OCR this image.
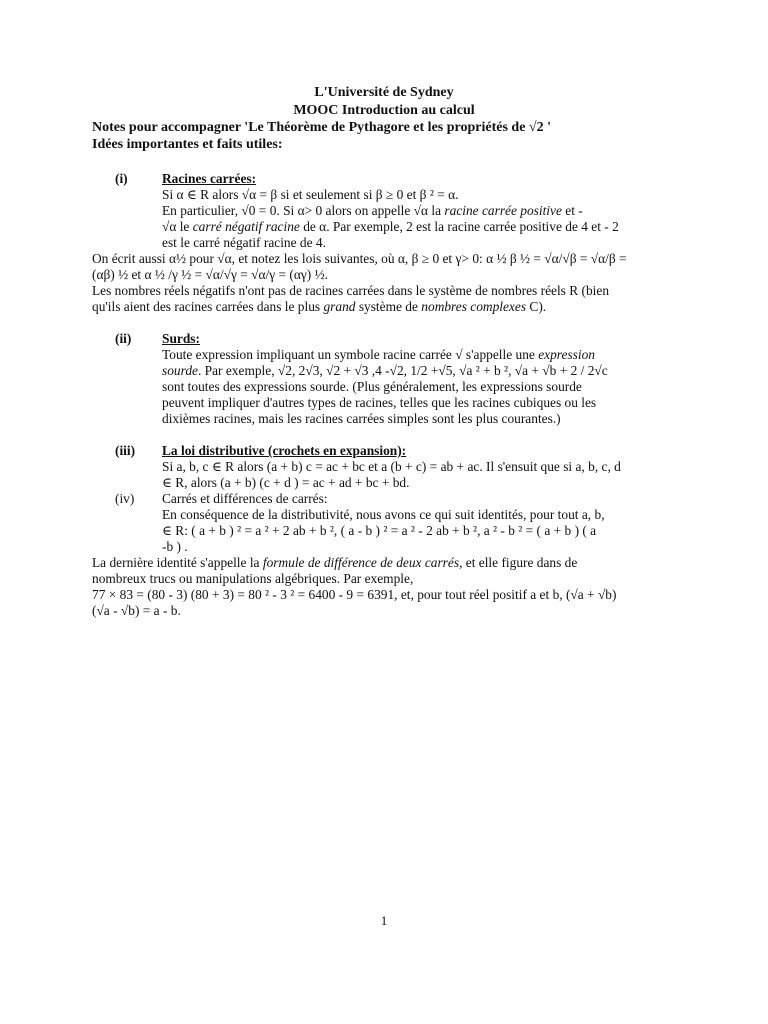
L'Université de Sydney
MOOC Introduction au calcul
Notes pour accompagner 'Le Théorème de Pythagore et les propriétés de √2 '
Idées importantes et faits utiles:
(i)	Racines carrées:
Si α ∈ R alors √α = β si et seulement si β ≥ 0 et β ² = α.
En particulier, √0 = 0. Si α> 0 alors on appelle √α la racine carrée positive et -
√α le carré négatif racine de α. Par exemple, 2 est la racine carrée positive de 4 et - 2
est le carré négatif racine de 4.
On écrit aussi α½ pour √α, et notez les lois suivantes, où α, β ≥ 0 et γ> 0: α ½ β ½ = √α/√β = √α/β =
(αβ) ½ et α ½ /γ ½ = √α/√γ = √α/γ = (αγ) ½.
Les nombres réels négatifs n'ont pas de racines carrées dans le système de nombres réels R (bien
qu'ils aient des racines carrées dans le plus grand système de nombres complexes C).
(ii) Surds:
Toute expression impliquant un symbole racine carrée √ s'appelle une expression
sourde. Par exemple, √2, 2√3, √2 + √3 ,4 -√2, 1/2 +√5, √a ² + b ², √a + √b + 2 / 2√c
sont toutes des expressions sourde. (Plus généralement, les expressions sourde
peuvent impliquer d'autres types de racines, telles que les racines cubiques ou les
dixièmes racines, mais les racines carrées simples sont les plus courantes.)
(iii) La loi distributive (crochets en expansion):
Si a, b, c ∈ R alors (a + b) c = ac + bc et a (b + c) = ab + ac. Il s'ensuit que si a, b, c, d
∈ R, alors (a + b) (c + d ) = ac + ad + bc + bd.
(iv) Carrés et différences de carrés:
En conséquence de la distributivité, nous avons ce qui suit identités, pour tout a, b,
∈ R: ( a + b ) ² = a ² + 2 ab + b ², ( a - b ) ² = a ² - 2 ab + b ², a ² - b ² = ( a + b ) ( a
-b ) .
La dernière identité s'appelle la formule de différence de deux carrés, et elle figure dans de
nombreux trucs ou manipulations algébriques. Par exemple,
77 × 83 = (80 - 3) (80 + 3) = 80 ² - 3 ² = 6400 - 9 = 6391, et, pour tout réel positif a et b, (√a + √b)
(√a - √b) = a - b.
1
